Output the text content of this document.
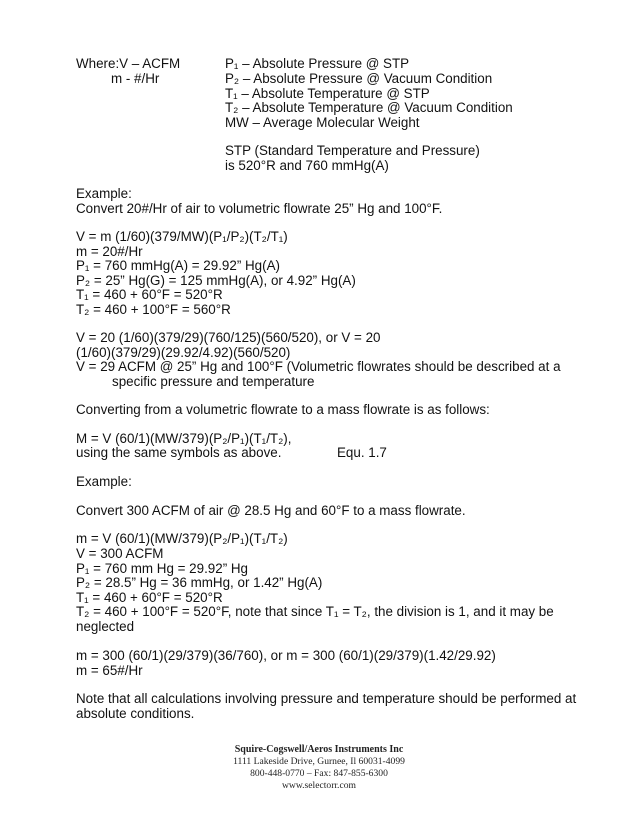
Where:V – ACFM
m - #/Hr
P₁ – Absolute Pressure @ STP
P₂ – Absolute Pressure @ Vacuum Condition
T₁ – Absolute Temperature @ STP
T₂ – Absolute Temperature @ Vacuum Condition
MW – Average Molecular Weight
STP (Standard Temperature and Pressure)
is 520°R and 760 mmHg(A)
Example:
Convert 20#/Hr of air to volumetric flowrate 25” Hg and 100°F.
V = m (1/60)(379/MW)(P₁/P₂)(T₂/T₁)
m = 20#/Hr
P₁ = 760 mmHg(A) = 29.92” Hg(A)
P₂ = 25” Hg(G) = 125 mmHg(A), or 4.92” Hg(A)
T₁ = 460 + 60°F = 520°R
T₂ = 460 + 100°F = 560°R
V = 20 (1/60)(379/29)(760/125)(560/520), or V = 20
(1/60)(379/29)(29.92/4.92)(560/520)
V = 29 ACFM @ 25” Hg and 100°F (Volumetric flowrates should be described at a
specific pressure and temperature
Converting from a volumetric flowrate to a mass flowrate is as follows:
M = V (60/1)(MW/379)(P₂/P₁)(T₁/T₂),
using the same symbols as above.	Equ. 1.7
Example:
Convert 300 ACFM of air @ 28.5 Hg and 60°F to a mass flowrate.
m = V (60/1)(MW/379)(P₂/P₁)(T₁/T₂)
V = 300 ACFM
P₁ = 760 mm Hg = 29.92” Hg
P₂ = 28.5” Hg = 36 mmHg, or 1.42” Hg(A)
T₁ = 460 + 60°F = 520°R
T₂ = 460 + 100°F = 520°F, note that since T₁ = T₂, the division is 1, and it may be
neglected
m = 300 (60/1)(29/379)(36/760), or m = 300 (60/1)(29/379)(1.42/29.92)
m = 65#/Hr
Note that all calculations involving pressure and temperature should be performed at
absolute conditions.
Squire-Cogswell/Aeros Instruments Inc
1111 Lakeside Drive, Gurnee, Il 60031-4099
800-448-0770 – Fax: 847-855-6300
www.selectorr.com
